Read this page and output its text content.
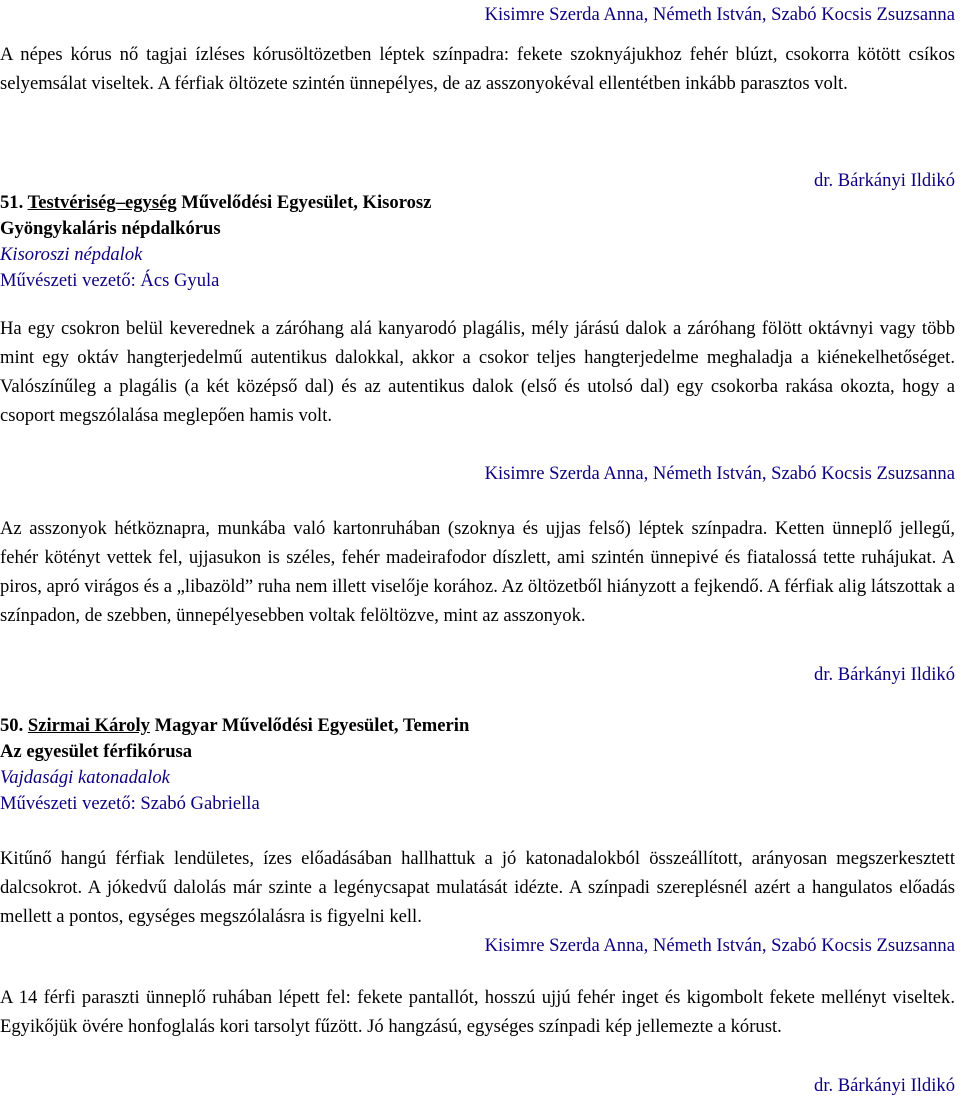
Kisimre Szerda Anna, Németh István, Szabó Kocsis Zsuzsanna
A népes kórus nő tagjai ízléses kórusöltözetben léptek színpadra: fekete szoknyájukhoz fehér blúzt, csokorra kötött csíkos selyemsálat viseltek. A férfiak öltözete szintén ünnepélyes, de az asszonyokéval ellentétben inkább parasztos volt.
dr. Bárkányi Ildikó
51. Testvériség–egység Művelődési Egyesület, Kisorosz
Gyöngykaláris népdalkórus
Kisoroszi népdalok
Művészeti vezető: Ács Gyula
Ha egy csokron belül keverednek a záróhang alá kanyarodó plagális, mély járású dalok a záróhang fölött oktávnyi vagy több mint egy oktáv hangterjedelmű autentikus dalokkal, akkor a csokor teljes hangterjedelme meghaladja a kiénekelhetőséget. Valószínűleg a plagális (a két középső dal) és az autentikus dalok (első és utolsó dal) egy csokorba rakása okozta, hogy a csoport megszólalása meglepően hamis volt.
Kisimre Szerda Anna, Németh István, Szabó Kocsis Zsuzsanna
Az asszonyok hétköznapra, munkába való kartonruhában (szoknya és ujjas felső) léptek színpadra. Ketten ünneplő jellegű, fehér kötényt vettek fel, ujjasukon is széles, fehér madeirafodor díszlett, ami szintén ünnepivé és fiatalossá tette ruhájukat. A piros, apró virágos és a „libazöld” ruha nem illett viselője korához. Az öltözetből hiányzott a fejkendő. A férfiak alig látszottak a színpadon, de szebben, ünnepélyesebben voltak felöltözve, mint az asszonyok.
dr. Bárkányi Ildikó
50. Szirmai Károly Magyar Művelődési Egyesület, Temerin
Az egyesület férfikórusa
Vajdasági katonadalok
Művészeti vezető: Szabó Gabriella
Kitűnő hangú férfiak lendületes, ízes előadásában hallhattuk a jó katonadalokból összeállított, arányosan megszerkesztett dalcsokrot. A jókedvű dalolás már szinte a legénycsapat mulatását idézte. A színpadi szereplésnél azért a hangulatos előadás mellett a pontos, egységes megszólalásra is figyelni kell.
Kisimre Szerda Anna, Németh István, Szabó Kocsis Zsuzsanna
A 14 férfi paraszti ünneplő ruhában lépett fel: fekete pantallót, hosszú ujjú fehér inget és kigombolt fekete mellényt viseltek. Egyikőjük övére honfoglalás kori tarsolyt fűzött. Jó hangzású, egységes színpadi kép jellemezte a kórust.
dr. Bárkányi Ildikó
